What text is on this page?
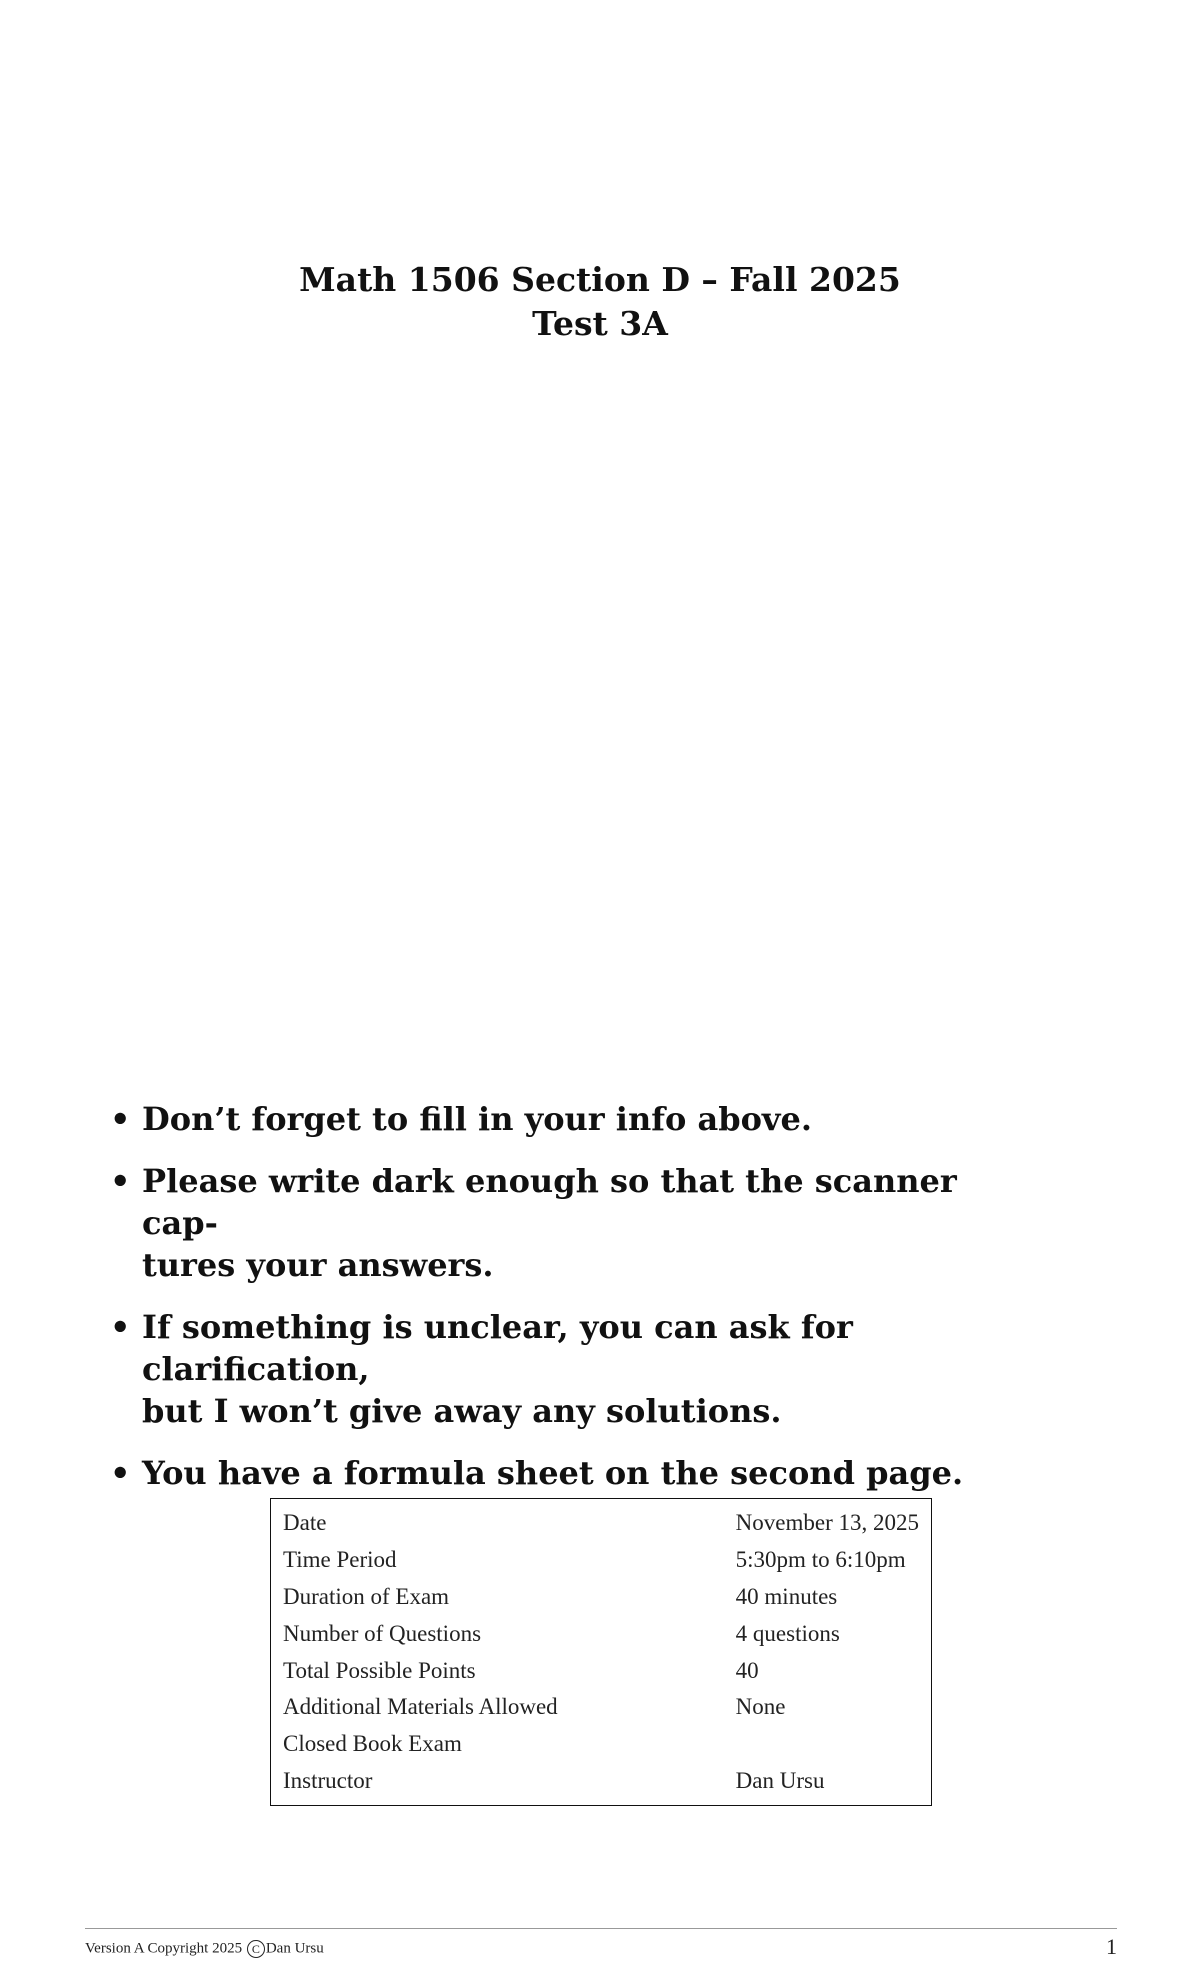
Math 1506 Section D – Fall 2025
Test 3A
• Don’t forget to fill in your info above.
• Please write dark enough so that the scanner cap-
tures your answers.
• If something is unclear, you can ask for clarification,
but I won’t give away any solutions.
• You have a formula sheet on the second page.
Date	November 13, 2025
Time Period	5:30pm to 6:10pm
Duration of Exam	40 minutes
Number of Questions	4 questions
Total Possible Points	40
Additional Materials Allowed	None
Closed Book Exam	
Instructor	Dan Ursu
Version A Copyright 2025 C Dan Ursu	1
